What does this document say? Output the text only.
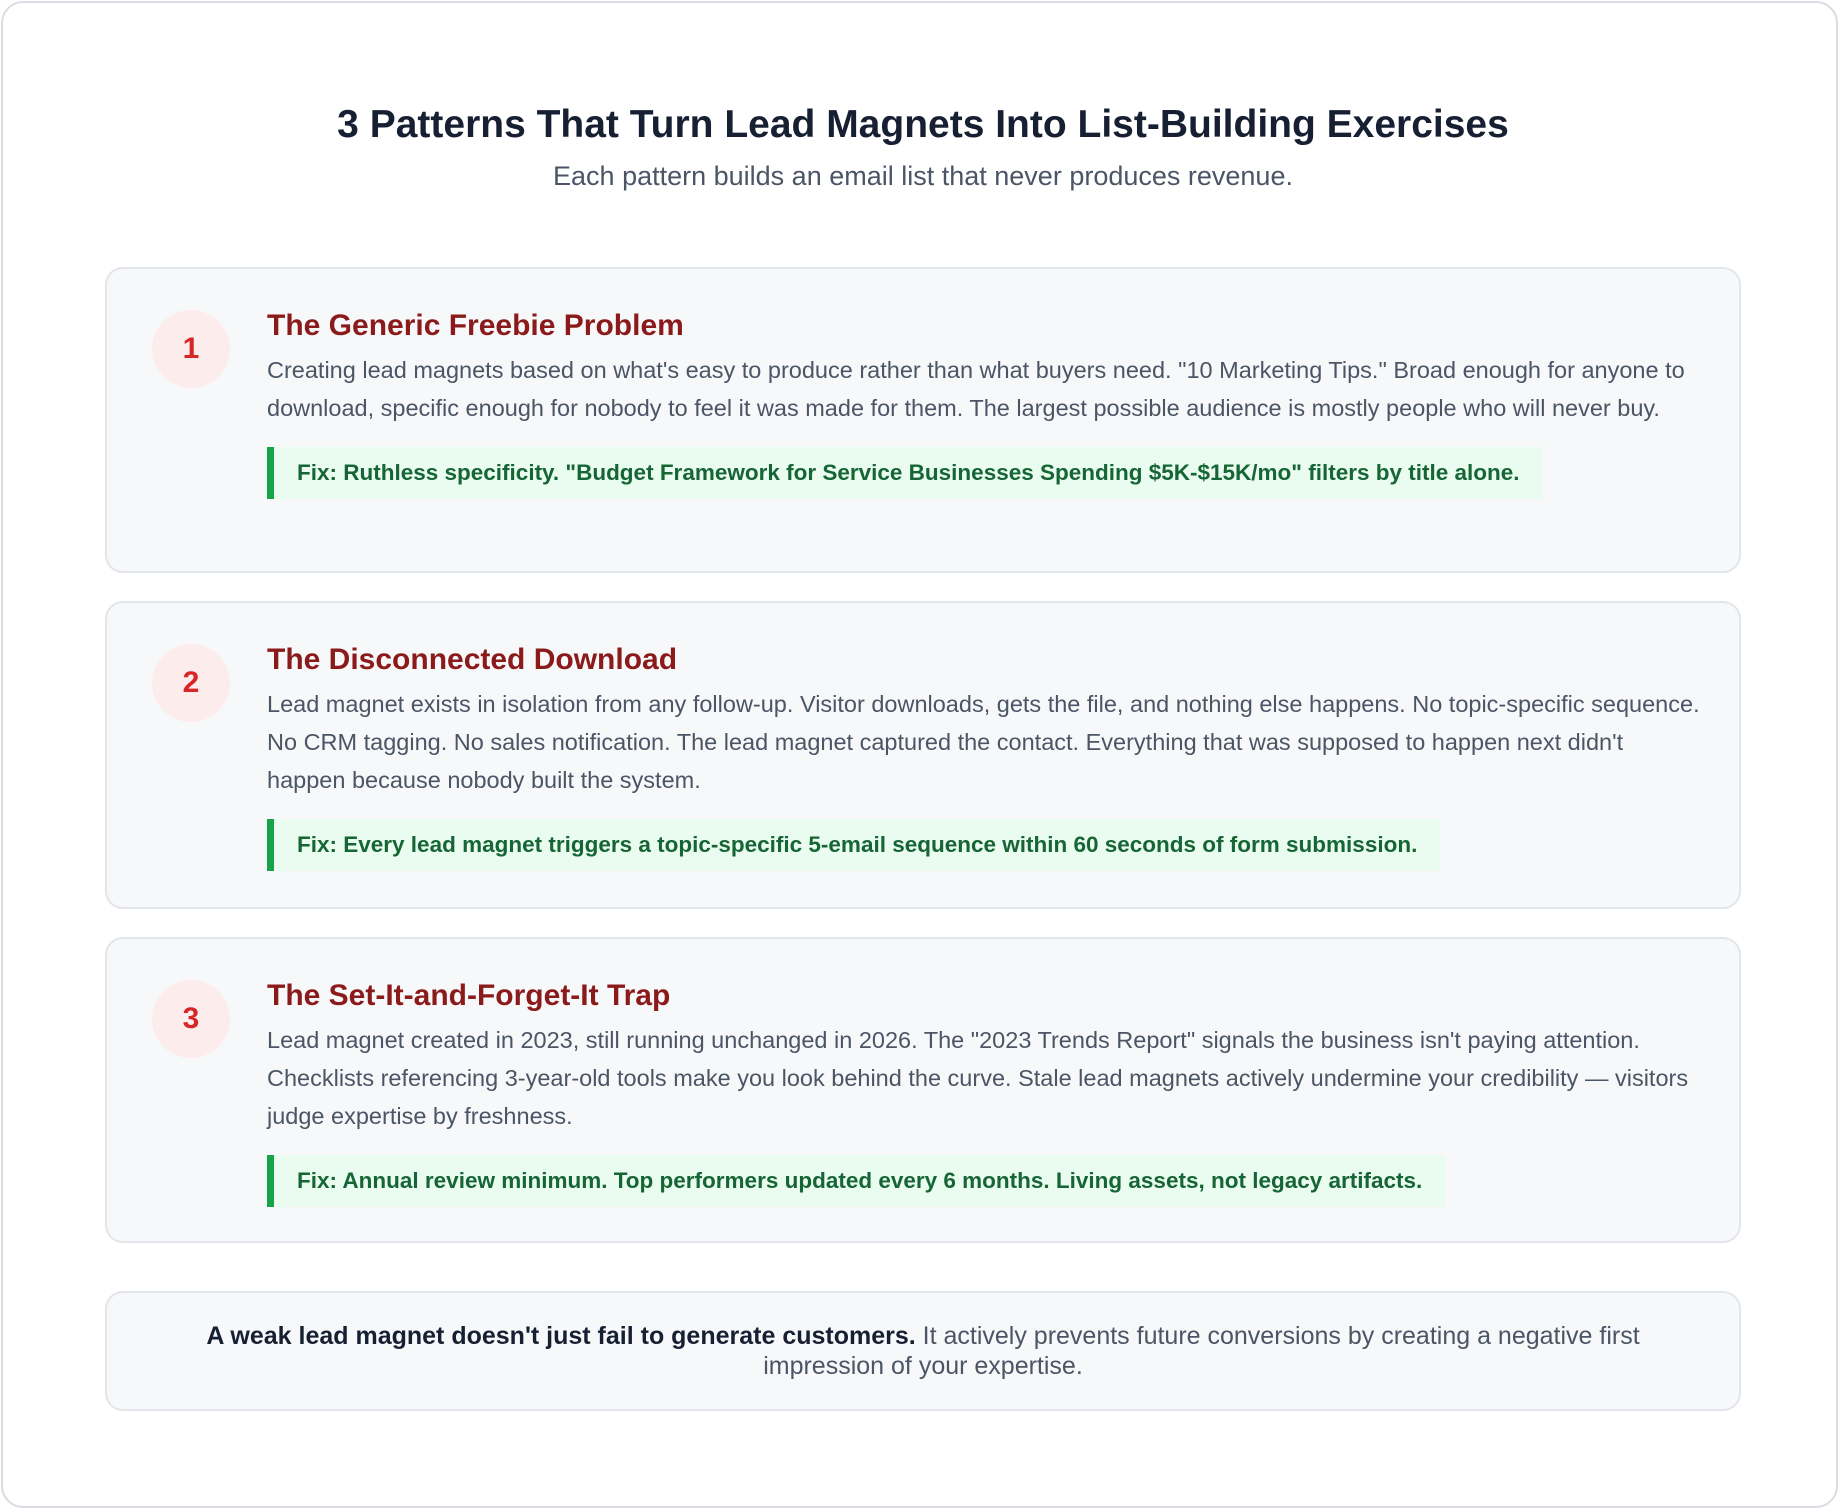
3 Patterns That Turn Lead Magnets Into List-Building Exercises

Each pattern builds an email list that never produces revenue.

1
The Generic Freebie Problem

Creating lead magnets based on what's easy to produce rather than what buyers need. "10 Marketing Tips." Broad enough for anyone to download, specific enough for nobody to feel it was made for them. The largest possible audience is mostly people who will never buy.

Fix: Ruthless specificity. "Budget Framework for Service Businesses Spending $5K-$15K/mo" filters by title alone.
2
The Disconnected Download

Lead magnet exists in isolation from any follow-up. Visitor downloads, gets the file, and nothing else happens. No topic-specific sequence. No CRM tagging. No sales notification. The lead magnet captured the contact. Everything that was supposed to happen next didn't happen because nobody built the system.

Fix: Every lead magnet triggers a topic-specific 5-email sequence within 60 seconds of form submission.
3
The Set-It-and-Forget-It Trap

Lead magnet created in 2023, still running unchanged in 2026. The "2023 Trends Report" signals the business isn't paying attention. Checklists referencing 3-year-old tools make you look behind the curve. Stale lead magnets actively undermine your credibility — visitors judge expertise by freshness.

Fix: Annual review minimum. Top performers updated every 6 months. Living assets, not legacy artifacts.

A weak lead magnet doesn't just fail to generate customers. It actively prevents future conversions by creating a negative first impression of your expertise.
